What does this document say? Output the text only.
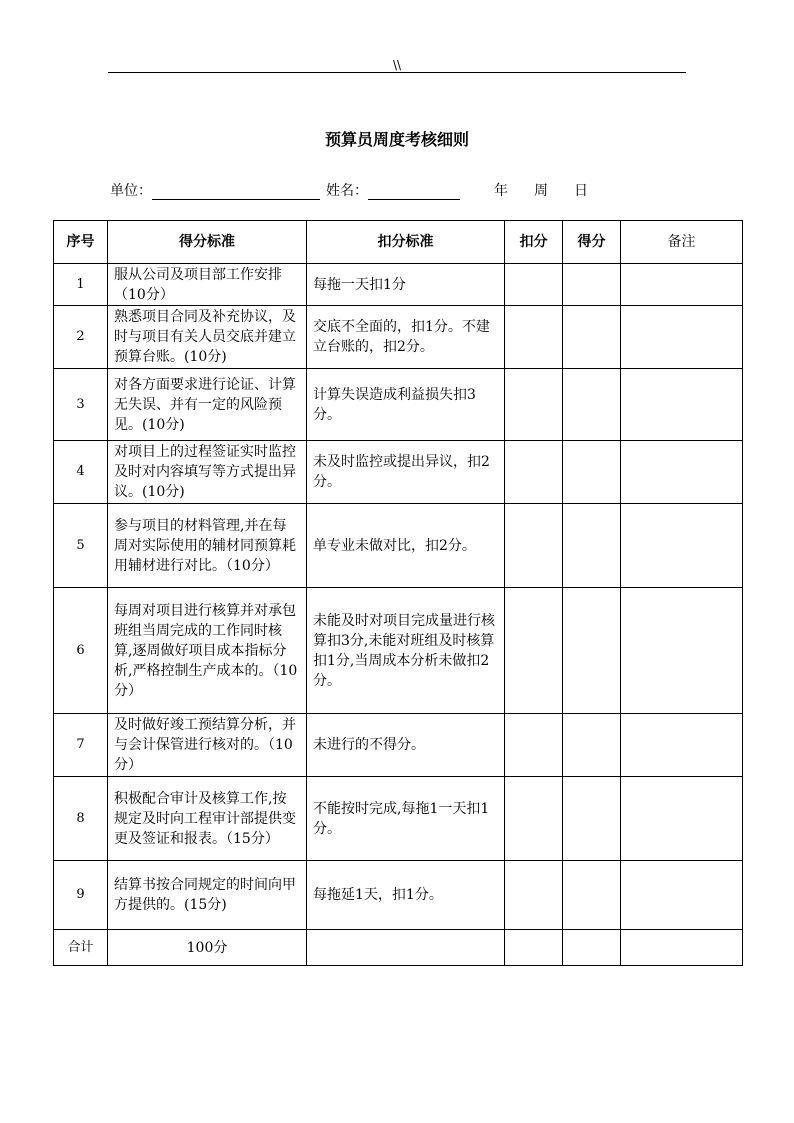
\\
预算员周度考核细则
单位：	姓名：	年 周 日
序号	得分标准	扣分标准	扣分	得分	备注
1	服从公司及项目部工作安排（10分）	每拖一天扣1分			
2	熟悉项目合同及补充协议，及时与项目有关人员交底并建立预算台账。(10分)	交底不全面的，扣1分。不建立台账的，扣2分。			
3	对各方面要求进行论证、计算无失误、并有一定的风险预见。(10分)	计算失误造成利益损失扣3分。			
4	对项目上的过程签证实时监控及时对内容填写等方式提出异议。(10分)	未及时监控或提出异议，扣2分。			
5	参与项目的材料管理,并在每周对实际使用的辅材同预算耗用辅材进行对比。（10分）	单专业未做对比，扣2分。			
6	每周对项目进行核算并对承包班组当周完成的工作同时核算,逐周做好项目成本指标分析,严格控制生产成本的。（10分）	未能及时对项目完成量进行核算扣3分,未能对班组及时核算扣1分,当周成本分析未做扣2分。			
7	及时做好竣工预结算分析，并与会计保管进行核对的。（10分）	未进行的不得分。			
8	积极配合审计及核算工作,按规定及时向工程审计部提供变更及签证和报表。（15分）	不能按时完成,每拖1一天扣1分。			
9	结算书按合同规定的时间向甲方提供的。(15分)	每拖延1天，扣1分。			
合计	100分				
